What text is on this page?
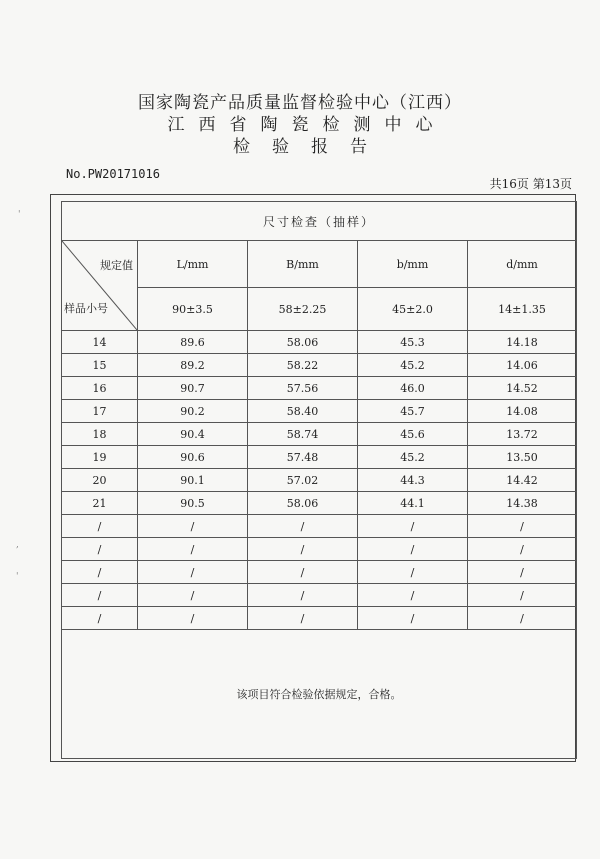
国家陶瓷产品质量监督检验中心（江西）
江西省陶瓷检测中心
检验报告
No.PW20171016
共16页 第13页
尺寸检查（抽样）				

规定值
样品小号	L/mm	B/mm	b/mm	d/mm
	90±3.5	58±2.25	45±2.0	14±1.35
14	89.6	58.06	45.3	14.18
15	89.2	58.22	45.2	14.06
16	90.7	57.56	46.0	14.52
17	90.2	58.40	45.7	14.08
18	90.4	58.74	45.6	13.72
19	90.6	57.48	45.2	13.50
20	90.1	57.02	44.3	14.42
21	90.5	58.06	44.1	14.38
/	/	/	/	/
/	/	/	/	/
/	/	/	/	/
/	/	/	/	/
/	/	/	/	/
该项目符合检验依据规定，合格。				
'
,
'
